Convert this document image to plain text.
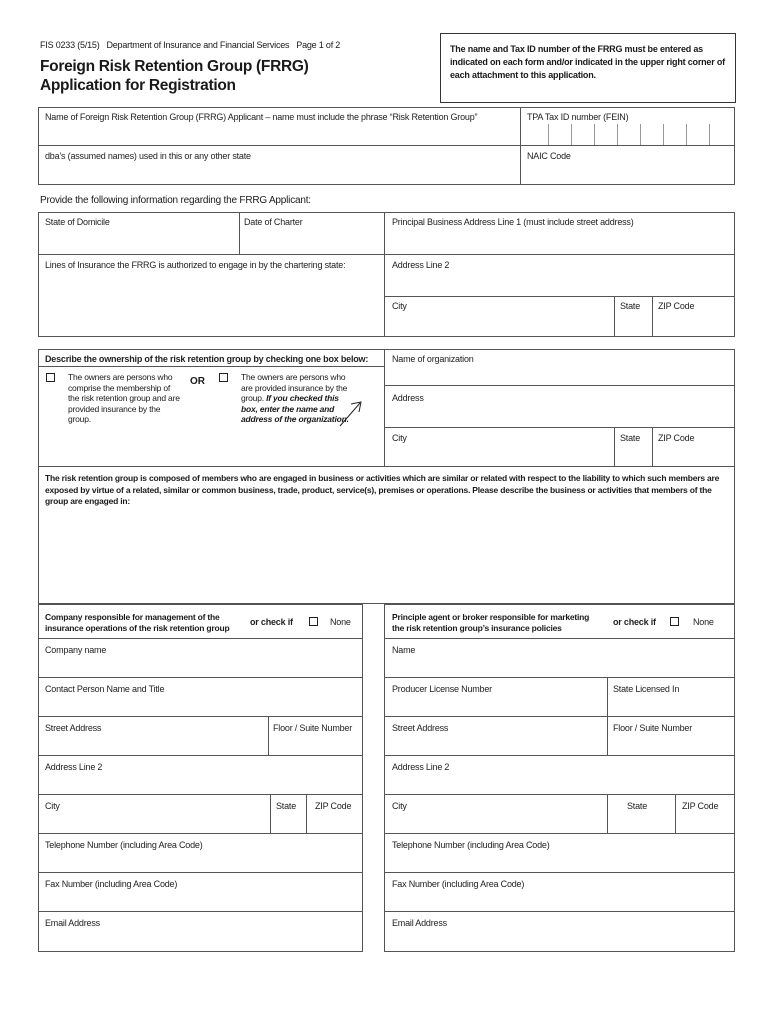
FIS 0233 (5/15) Department of Insurance and Financial Services Page 1 of 2
Foreign Risk Retention Group (FRRG)
Application for Registration
The name and Tax ID number of the FRRG must be entered as indicated on each form and/or indicated in the upper right corner of each attachment to this application.
Name of Foreign Risk Retention Group (FRRG) Applicant – name must include the phrase “Risk Retention Group”	TPA Tax ID number (FEIN)
dba’s (assumed names) used in this or any other state	NAIC Code
Provide the following information regarding the FRRG Applicant:
State of Domicile	Date of Charter	Principal Business Address Line 1 (must include street address)
Lines of Insurance the FRRG is authorized to engage in by the chartering state:	Address Line 2
City	State ZIP Code
Describe the ownership of the risk retention group by checking one box below:
The owners are persons who comprise the membership of the risk retention group and are provided insurance by the group.
OR	The owners are persons who are provided insurance by the group. If you checked this box, enter the name and address of the organization.
Name of organization
Address
City	State ZIP Code
The risk retention group is composed of members who are engaged in business or activities which are similar or related with respect to the liability to which such members are exposed by virtue of a related, similar or common business, trade, product, service(s), premises or operations. Please describe the business or activities that members of the group are engaged in:
Company responsible for management of the insurance operations of the risk retention group
or check if	None	Principle agent or broker responsible for marketing the risk retention group’s insurance policies
or check if	None
Company name
Contact Person Name and Title
Street Address	Floor / Suite Number
Address Line 2
City	State ZIP Code
Telephone Number (including Area Code)
Fax Number (including Area Code)
Email Address
Name
Producer License Number	State Licensed In
Street Address	Floor / Suite Number
Address Line 2
City	State	ZIP Code
Telephone Number (including Area Code)
Fax Number (including Area Code)
Email Address
